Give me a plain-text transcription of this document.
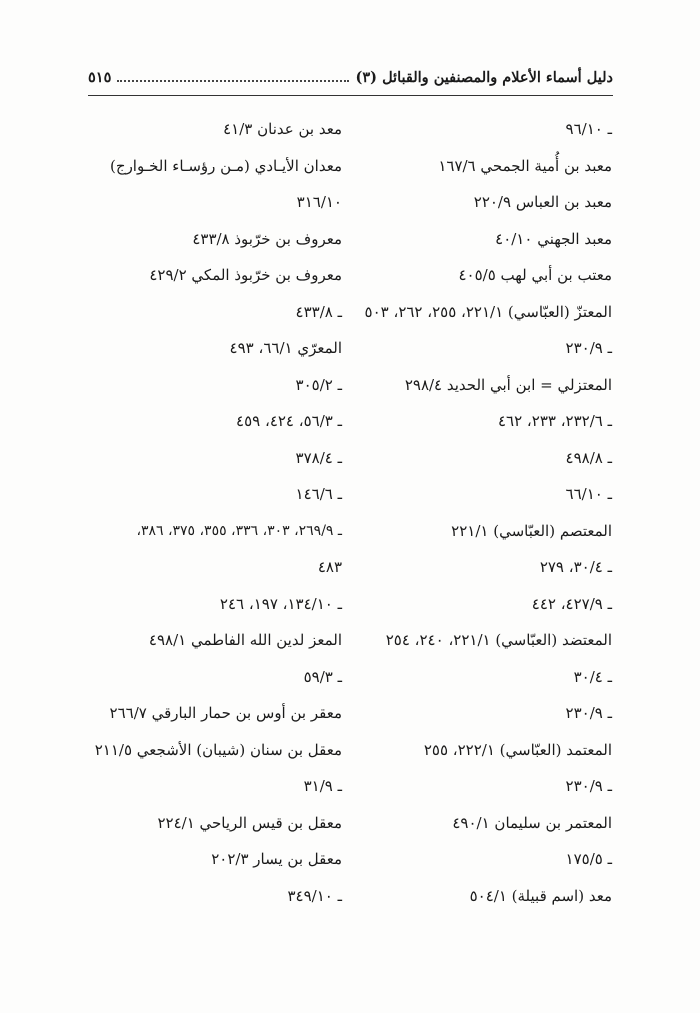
دليل أسماء الأعلام والمصنفين والقبائل (٣)
٥١٥
ـ ٩٦/١٠
معبد بن أُمية الجمحي ١٦٧/٦
معبد بن العباس ٢٢٠/٩
معبد الجهني ٤٠/١٠
معتب بن أبي لهب ٤٠٥/٥
المعتزّ (العبّاسي) ٢٢١/١، ٢٥٥، ٢٦٢، ٥٠٣
ـ ٢٣٠/٩
المعتزلي = ابن أبي الحديد ٢٩٨/٤
ـ ٢٣٢/٦، ٢٣٣، ٤٦٢
ـ ٤٩٨/٨
ـ ٦٦/١٠
المعتصم (العبّاسي) ٢٢١/١
ـ ٣٠/٤، ٢٧٩
ـ ٤٢٧/٩، ٤٤٢
المعتضد (العبّاسي) ٢٢١/١، ٢٤٠، ٢٥٤
ـ ٣٠/٤
ـ ٢٣٠/٩
المعتمد (العبّاسي) ٢٢٢/١، ٢٥٥
ـ ٢٣٠/٩
المعتمر بن سليمان ٤٩٠/١
ـ ١٧٥/٥
معد (اسم قبيلة) ٥٠٤/١
معد بن عدنان ٤١/٣
معدان الأيـادي (مـن رؤسـاء الخـوارج)
٣١٦/١٠
معروف بن خرّبوذ ٤٣٣/٨
معروف بن خرّبوذ المكي ٤٢٩/٢
ـ ٤٣٣/٨
المعرّي ٦٦/١، ٤٩٣
ـ ٣٠٥/٢
ـ ٥٦/٣، ٤٢٤، ٤٥٩
ـ ٣٧٨/٤
ـ ١٤٦/٦
ـ ٢٦٩/٩، ٣٠٣، ٣٣٦، ٣٥٥، ٣٧٥، ٣٨٦،
٤٨٣
ـ ١٣٤/١٠، ١٩٧، ٢٤٦
المعز لدين الله الفاطمي ٤٩٨/١
ـ ٥٩/٣
معقر بن أوس بن حمار البارقي ٢٦٦/٧
معقل بن سنان (شيبان) الأشجعي ٢١١/٥
ـ ٣١/٩
معقل بن قيس الرياحي ٢٢٤/١
معقل بن يسار ٢٠٢/٣
ـ ٣٤٩/١٠
